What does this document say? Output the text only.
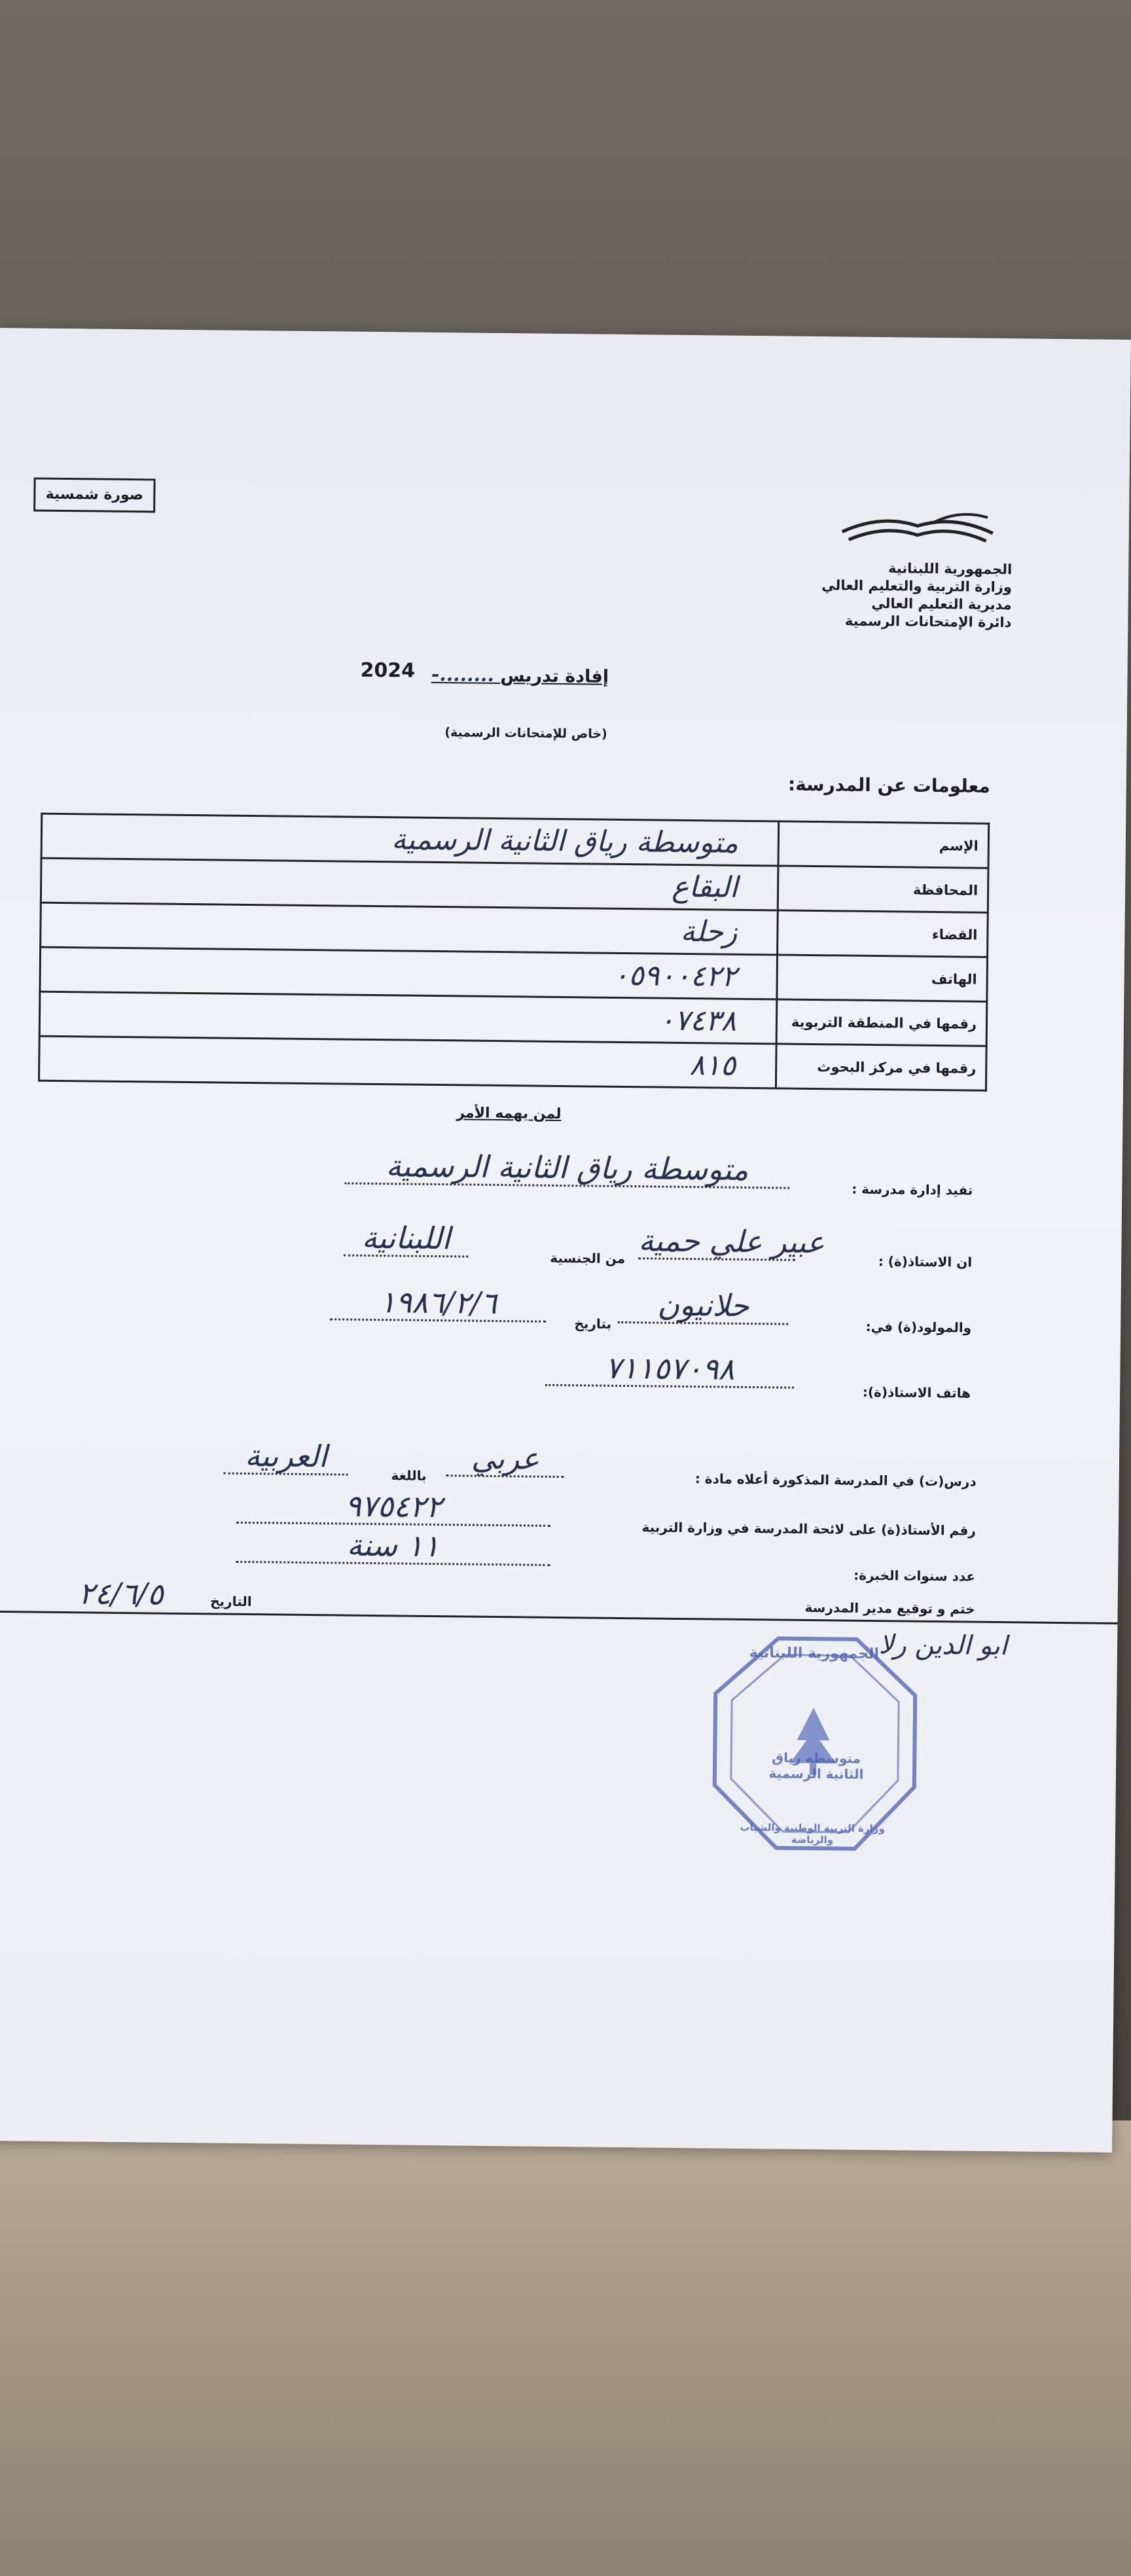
صورة شمسية
الجمهورية اللبنانية
وزارة التربية والتعليم العالي
مديرية التعليم العالي
دائرة الإمتحانات الرسمية
إفادة تدريس ........-
2024
(خاص للإمتحانات الرسمية)
معلومات عن المدرسة:
الإسم	متوسطة رياق الثانية الرسمية
المحافظة	البقاع
القضاء	زحلة
الهاتف	٠٥٩٠٠٤٢٢
رقمها في المنطقة التربوية	٠٧٤٣٨
رقمها في مركز البحوث	٨١٥
لمن يهمه الأمر
تفيد إدارة مدرسة :
متوسطة رياق الثانية الرسمية
ان الاستاذ(ة) :
عبير علي حمية
من الجنسية
اللبنانية
والمولود(ة) في:
حلانيون
بتاريخ
١٩٨٦/٢/٦
هاتف الاستاذ(ة):
٧١١٥٧٠٩٨
درس(ت) في المدرسة المذكورة أعلاه مادة :
عربي
باللغة
العربية
رقم الأستاذ(ة) على لائحة المدرسة في وزارة التربية
٩٧٥٤٢٢
عدد سنوات الخبرة:
١١ سنة
ختم و توقيع مدير المدرسة
التاريخ
٢٤/٦/٥
ابو الدين رلا
الجمهورية اللبنانية
متوسطة رياق الثانية الرسمية
وزارة التربية الوطنية والشباب والرياضة
